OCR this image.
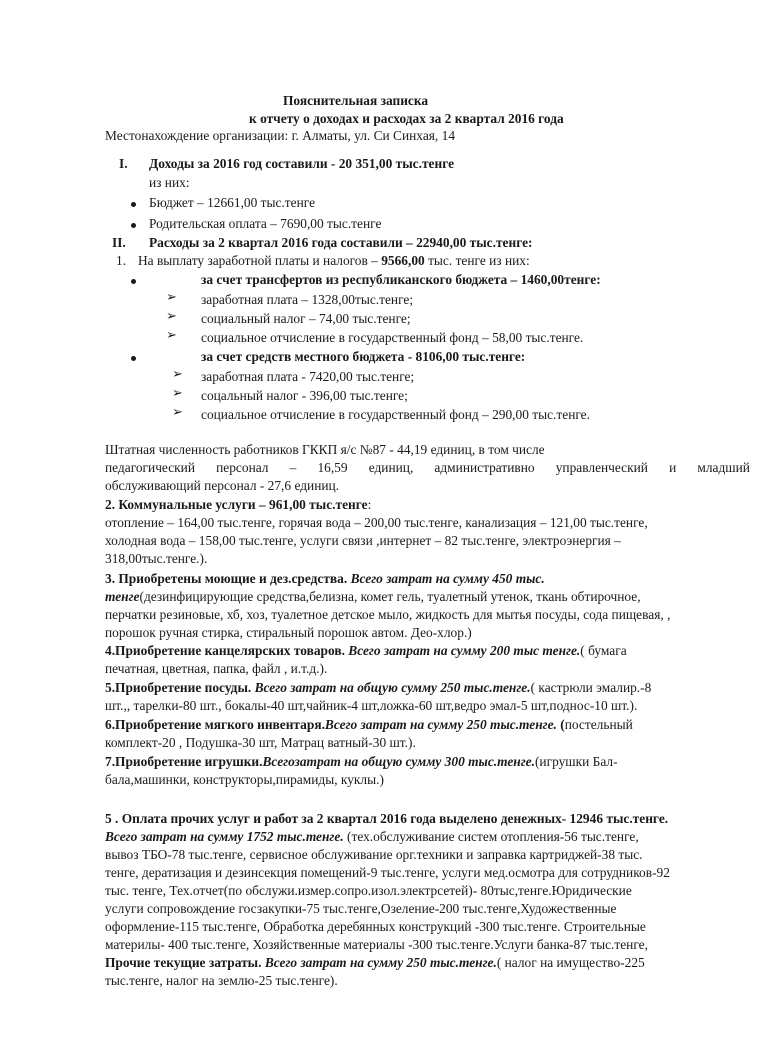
Пояснительная записка
к отчету о доходах и расходах за 2 квартал 2016 года
Местонахождение организации: г. Алматы, ул. Си Синхая, 14
I. Доходы за 2016 год составили - 20 351,00 тыс.тенге
из них:
Бюджет – 12661,00 тыс.тенге
Родительская оплата – 7690,00 тыс.тенге
II. Расходы за 2 квартал 2016 года составили – 22940,00 тыс.тенге:
1. На выплату заработной платы и налогов – 9566,00 тыс. тенге из них:
за счет трансфертов из республиканского бюджета – 1460,00тенге:
➢ заработная плата – 1328,00тыс.тенге;
➢ социальный налог – 74,00 тыс.тенге;
➢ социальное отчисление в государственный фонд – 58,00 тыс.тенге.
за счет средств местного бюджета - 8106,00 тыс.тенге:
➢ заработная плата - 7420,00 тыс.тенге;
➢ соцальный налог - 396,00 тыс.тенге;
➢ социальное отчисление в государственный фонд – 290,00 тыс.тенге.
Штатная численность работников ГККП я/с №87 - 44,19 единиц, в том числе
педагогический персонал – 16,59 единиц, административно управленческий и младший
обслуживающий персонал - 27,6 единиц.
2. Коммунальные услуги – 961,00 тыс.тенге:
отопление – 164,00 тыс.тенге, горячая вода – 200,00 тыс.тенге, канализация – 121,00 тыс.тенге,
холодная вода – 158,00 тыс.тенге, услуги связи ,интернет – 82 тыс.тенге, электроэнергия –
318,00тыс.тенге.).
3. Приобретены моющие и дез.средства. Всего затрат на сумму 450 тыс.
тенге(дезинфицирующие средства,белизна, комет гель, туалетный утенок, ткань обтирочное,
перчатки резиновые, хб, хоз, туалетное детское мыло, жидкость для мытья посуды, сода пищевая, ,
порошок ручная стирка, стиральный порошок автом. Део-хлор.)
4.Приобретение канцелярских товаров. Всего затрат на сумму 200 тыс тенге.( бумага
печатная, цветная, папка, файл , и.т.д.).
5.Приобретение посуды. Всего затрат на общую сумму 250 тыс.тенге.( кастрюли эмалир.-8
шт.,, тарелки-80 шт., бокалы-40 шт,чайник-4 шт,ложка-60 шт,ведро эмал-5 шт,поднос-10 шт.).
6.Приобретение мягкого инвентаря.Всего затрат на сумму 250 тыс.тенге. (постельный
комплект-20 , Подушка-30 шт, Матрац ватный-30 шт.).
7.Приобретение игрушки.Всегозатрат на общую сумму 300 тыс.тенге.(игрушки Бал-
бала,машинки, конструкторы,пирамиды, куклы.)
5 . Оплата прочих услуг и работ за 2 квартал 2016 года выделено денежных- 12946 тыс.тенге.
Всего затрат на сумму 1752 тыс.тенге. (тех.обслуживание систем отопления-56 тыс.тенге,
вывоз ТБО-78 тыс.тенге, сервисное обслуживание орг.техники и заправка картриджей-38 тыс.
тенге, дератизация и дезинсекция помещений-9 тыс.тенге, услуги мед.осмотра для сотрудников-92
тыс. тенге, Тех.отчет(по обслужи.измер.сопро.изол.электрсетей)- 80тыс,тенге.Юридические
услуги сопровождение госзакупки-75 тыс.тенге,Озеление-200 тыс.тенге,Художественные
оформление-115 тыс.тенге, Обработка деребянных конструкций -300 тыс.тенге. Строительные
материлы- 400 тыс.тенге, Хозяйственные материалы -300 тыс.тенге.Услуги банка-87 тыс.тенге,
Прочие текущие затраты. Всего затрат на сумму 250 тыс.тенге.( налог на имущество-225
тыс.тенге, налог на землю-25 тыс.тенге).
